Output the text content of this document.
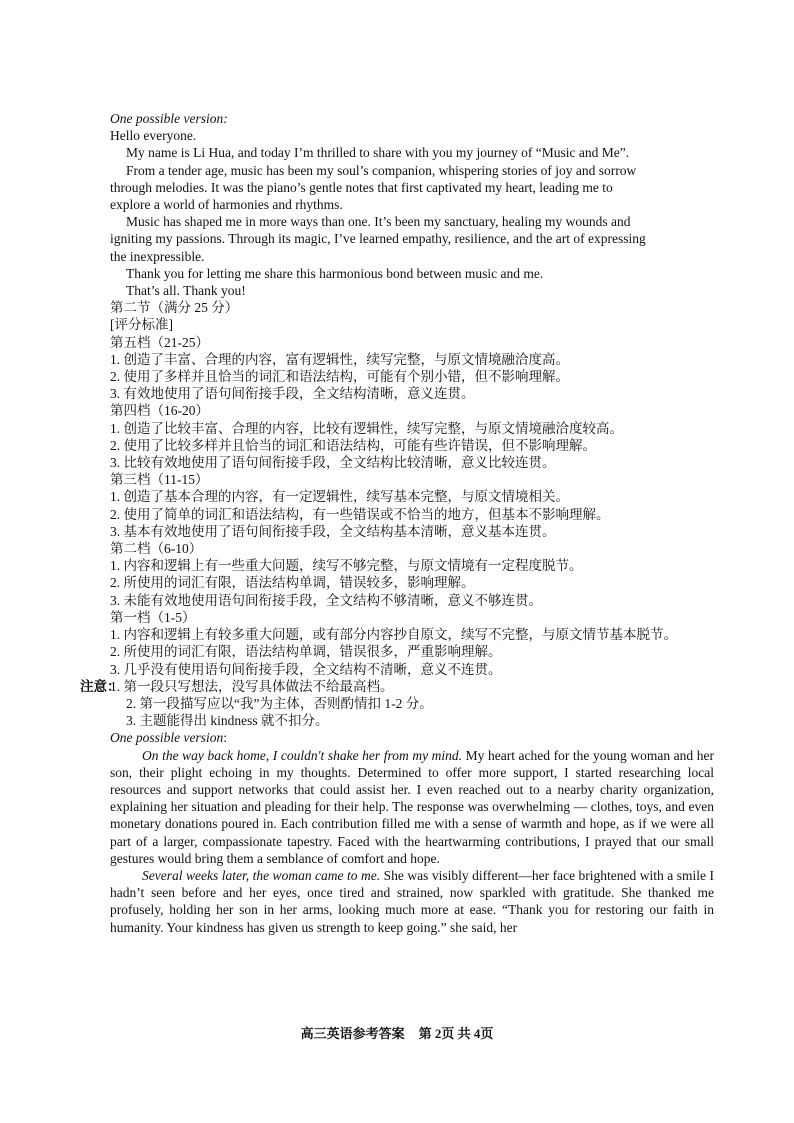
One possible version:
Hello everyone.
My name is Li Hua, and today I’m thrilled to share with you my journey of “Music and Me”.
From a tender age, music has been my soul’s companion, whispering stories of joy and sorrow
through melodies. It was the piano’s gentle notes that first captivated my heart, leading me to
explore a world of harmonies and rhythms.
Music has shaped me in more ways than one. It’s been my sanctuary, healing my wounds and
igniting my passions. Through its magic, I’ve learned empathy, resilience, and the art of expressing
the inexpressible.
Thank you for letting me share this harmonious bond between music and me.
That’s all. Thank you!
第二节（满分 25 分）
[评分标准]
第五档（21-25）
1. 创造了丰富、合理的内容，富有逻辑性，续写完整，与原文情境融洽度高。
2. 使用了多样并且恰当的词汇和语法结构，可能有个别小错，但不影响理解。
3. 有效地使用了语句间衔接手段，全文结构清晰，意义连贯。
第四档（16-20）
1. 创造了比较丰富、合理的内容，比较有逻辑性，续写完整，与原文情境融洽度较高。
2. 使用了比较多样并且恰当的词汇和语法结构，可能有些许错误，但不影响理解。
3. 比较有效地使用了语句间衔接手段，全文结构比较清晰，意义比较连贯。
第三档（11-15）
1. 创造了基本合理的内容，有一定逻辑性，续写基本完整，与原文情境相关。
2. 使用了简单的词汇和语法结构，有一些错误或不恰当的地方，但基本不影响理解。
3. 基本有效地使用了语句间衔接手段，全文结构基本清晰，意义基本连贯。
第二档（6-10）
1. 内容和逻辑上有一些重大问题，续写不够完整，与原文情境有一定程度脱节。
2. 所使用的词汇有限，语法结构单调，错误较多，影响理解。
3. 未能有效地使用语句间衔接手段，全文结构不够清晰，意义不够连贯。
第一档（1-5）
1. 内容和逻辑上有较多重大问题，或有部分内容抄自原文，续写不完整，与原文情节基本脱节。
2. 所使用的词汇有限，语法结构单调，错误很多，严重影响理解。
3. 几乎没有使用语句间衔接手段，全文结构不清晰，意义不连贯。
注意：
1. 第一段只写想法，没写具体做法不给最高档。
2. 第一段描写应以“我”为主体，否则酌情扣 1-2 分。
3. 主题能得出 kindness 就不扣分。
One possible version:
On the way back home, I couldn't shake her from my mind. My heart ached for the young woman and her son, their plight echoing in my thoughts. Determined to offer more support, I started researching local resources and support networks that could assist her. I even reached out to a nearby charity organization, explaining her situation and pleading for their help. The response was overwhelming — clothes, toys, and even monetary donations poured in. Each contribution filled me with a sense of warmth and hope, as if we were all part of a larger, compassionate tapestry. Faced with the heartwarming contributions, I prayed that our small gestures would bring them a semblance of comfort and hope.
Several weeks later, the woman came to me. She was visibly different—her face brightened with a smile I hadn’t seen before and her eyes, once tired and strained, now sparkled with gratitude. She thanked me profusely, holding her son in her arms, looking much more at ease. “Thank you for restoring our faith in humanity. Your kindness has given us strength to keep going.” she said, her
高三英语参考答案 第 2页 共 4页
